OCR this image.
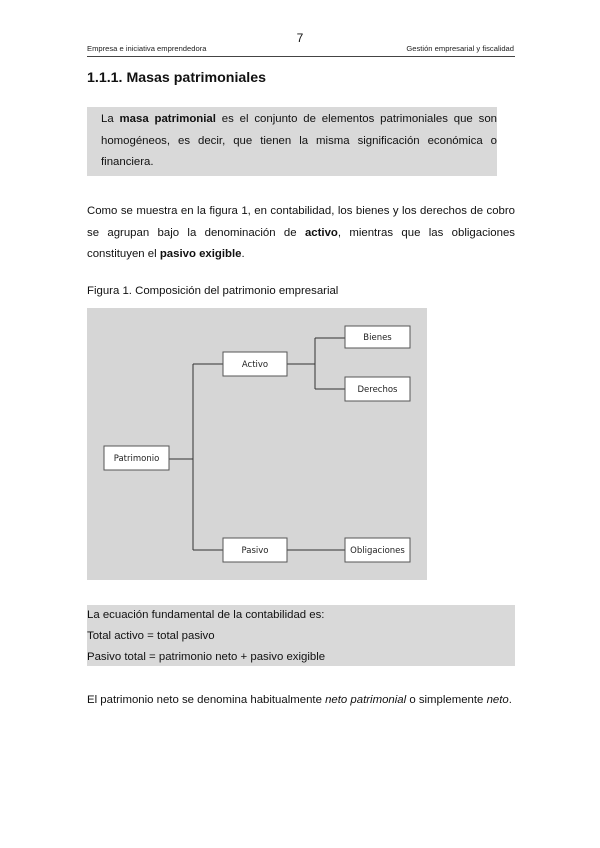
7
Empresa e iniciativa emprendedora	Gestión empresarial y fiscalidad
1.1.1. Masas patrimoniales

La masa patrimonial es el conjunto de elementos patrimoniales que son homogéneos, es decir, que tienen la misma significación económica o financiera.

Como se muestra en la figura 1, en contabilidad, los bienes y los derechos de cobro se agrupan bajo la denominación de activo, mientras que las obligaciones constituyen el pasivo exigible.

Figura 1. Composición del patrimonio empresarial

Patrimonio
Activo
Pasivo
Bienes
Derechos
Obligaciones
La ecuación fundamental de la contabilidad es:
Total activo = total pasivo
Pasivo total = patrimonio neto + pasivo exigible

El patrimonio neto se denomina habitualmente neto patrimonial o simplemente neto.
